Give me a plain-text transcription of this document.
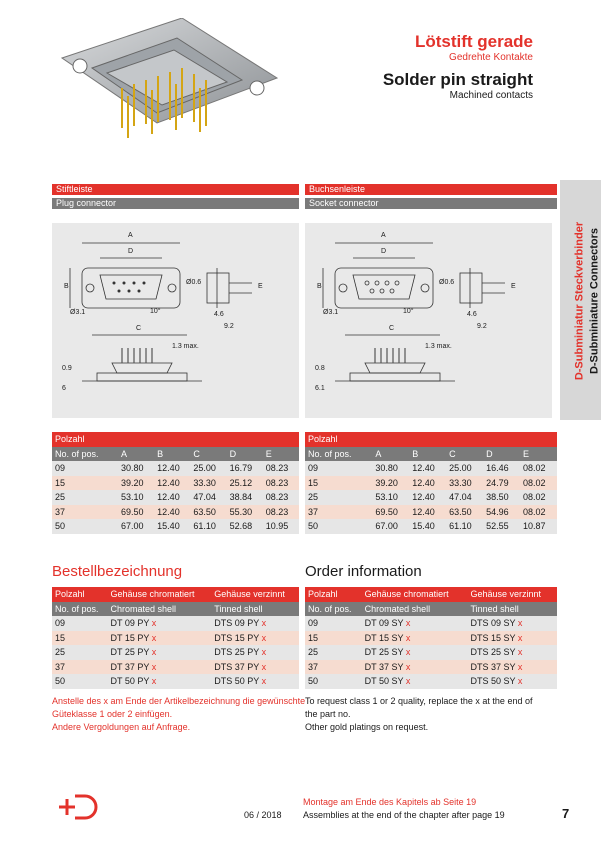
Lötstift gerade
Gedrehte Kontakte
Solder pin straight
Machined contacts
D-Subminiatur Steckverbinder D-Subminiature Connectors
Stiftleiste
Plug connector
A
D
B
Ø3.1	10°
Ø0.6
E
4.6
9.2
C
0.9
6
1.3 max.
Buchsenleiste
Socket connector
A
D
B
Ø3.1	10°
Ø0.6
E
4.6
9.2
C
0.8
6.1
1.3 max.
Polzahl					
No. of pos.	A	B	C	D	E
09	30.80	12.40	25.00	16.79	08.23
15	39.20	12.40	33.30	25.12	08.23
25	53.10	12.40	47.04	38.84	08.23
37	69.50	12.40	63.50	55.30	08.23
50	67.00	15.40	61.10	52.68	10.95
Polzahl					
No. of pos.	A	B	C	D	E
09	30.80	12.40	25.00	16.46	08.02
15	39.20	12.40	33.30	24.79	08.02
25	53.10	12.40	47.04	38.50	08.02
37	69.50	12.40	63.50	54.96	08.02
50	67.00	15.40	61.10	52.55	10.87
Bestellbezeichnung	Order information
Polzahl	Gehäuse chromatiert	Gehäuse verzinnt
No. of pos.	Chromated shell	Tinned shell
09	DT 09 PY x	DTS 09 PY x
15	DT 15 PY x	DTS 15 PY x
25	DT 25 PY x	DTS 25 PY x
37	DT 37 PY x	DTS 37 PY x
50	DT 50 PY x	DTS 50 PY x
Polzahl	Gehäuse chromatiert	Gehäuse verzinnt
No. of pos.	Chromated shell	Tinned shell
09	DT 09 SY x	DTS 09 SY x
15	DT 15 SY x	DTS 15 SY x
25	DT 25 SY x	DTS 25 SY x
37	DT 37 SY x	DTS 37 SY x
50	DT 50 SY x	DTS 50 SY x
Anstelle des x am Ende der Artikelbezeichnung die gewünschte
Güteklasse 1 oder 2 einfügen.
Andere Vergoldungen auf Anfrage.
To request class 1 or 2 quality, replace the x at the end of
the part no.
Other gold platings on request.
06 / 2018
Montage am Ende des Kapitels ab Seite 19
Assemblies at the end of the chapter after page 19	7
